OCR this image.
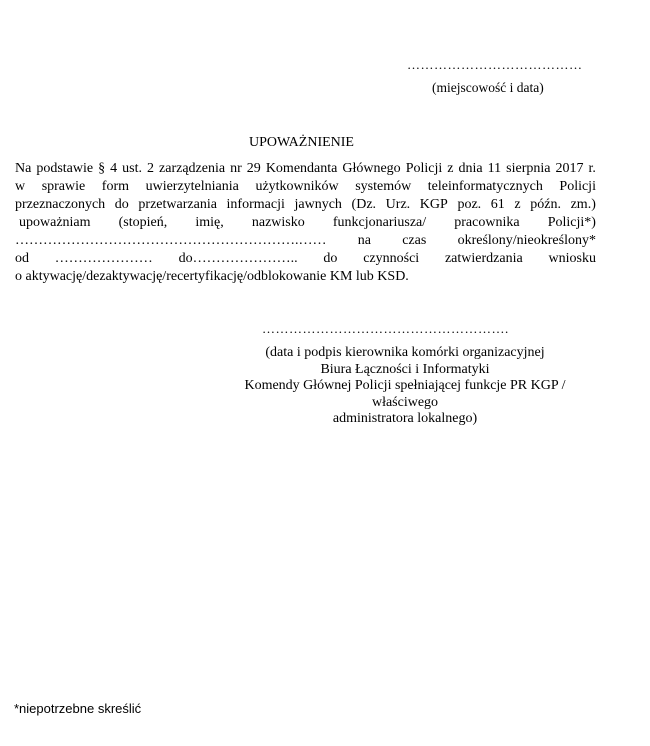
…………………………………
(miejscowość i data)
UPOWAŻNIENIE
Na podstawie § 4 ust. 2 zarządzenia nr 29 Komendanta Głównego Policji z dnia 11 sierpnia 2017 r.
w sprawie form uwierzytelniania użytkowników systemów teleinformatycznych Policji
przeznaczonych do przetwarzania informacji jawnych (Dz. Urz. KGP poz. 61 z późn. zm.)
upoważniam (stopień, imię, nazwisko funkcjonariusza/ pracownika Policji*)
…………………………………………………….…… na czas określony/nieokreślony*
od ………………… do………………….. do czynności zatwierdzania wniosku
o aktywację/dezaktywację/recertyfikację/odblokowanie KM lub KSD.
……………………………………………….
(data i podpis kierownika komórki organizacyjnej
Biura Łączności i Informatyki
Komendy Głównej Policji spełniającej funkcje PR KGP / właściwego
administratora lokalnego)
*niepotrzebne skreślić
